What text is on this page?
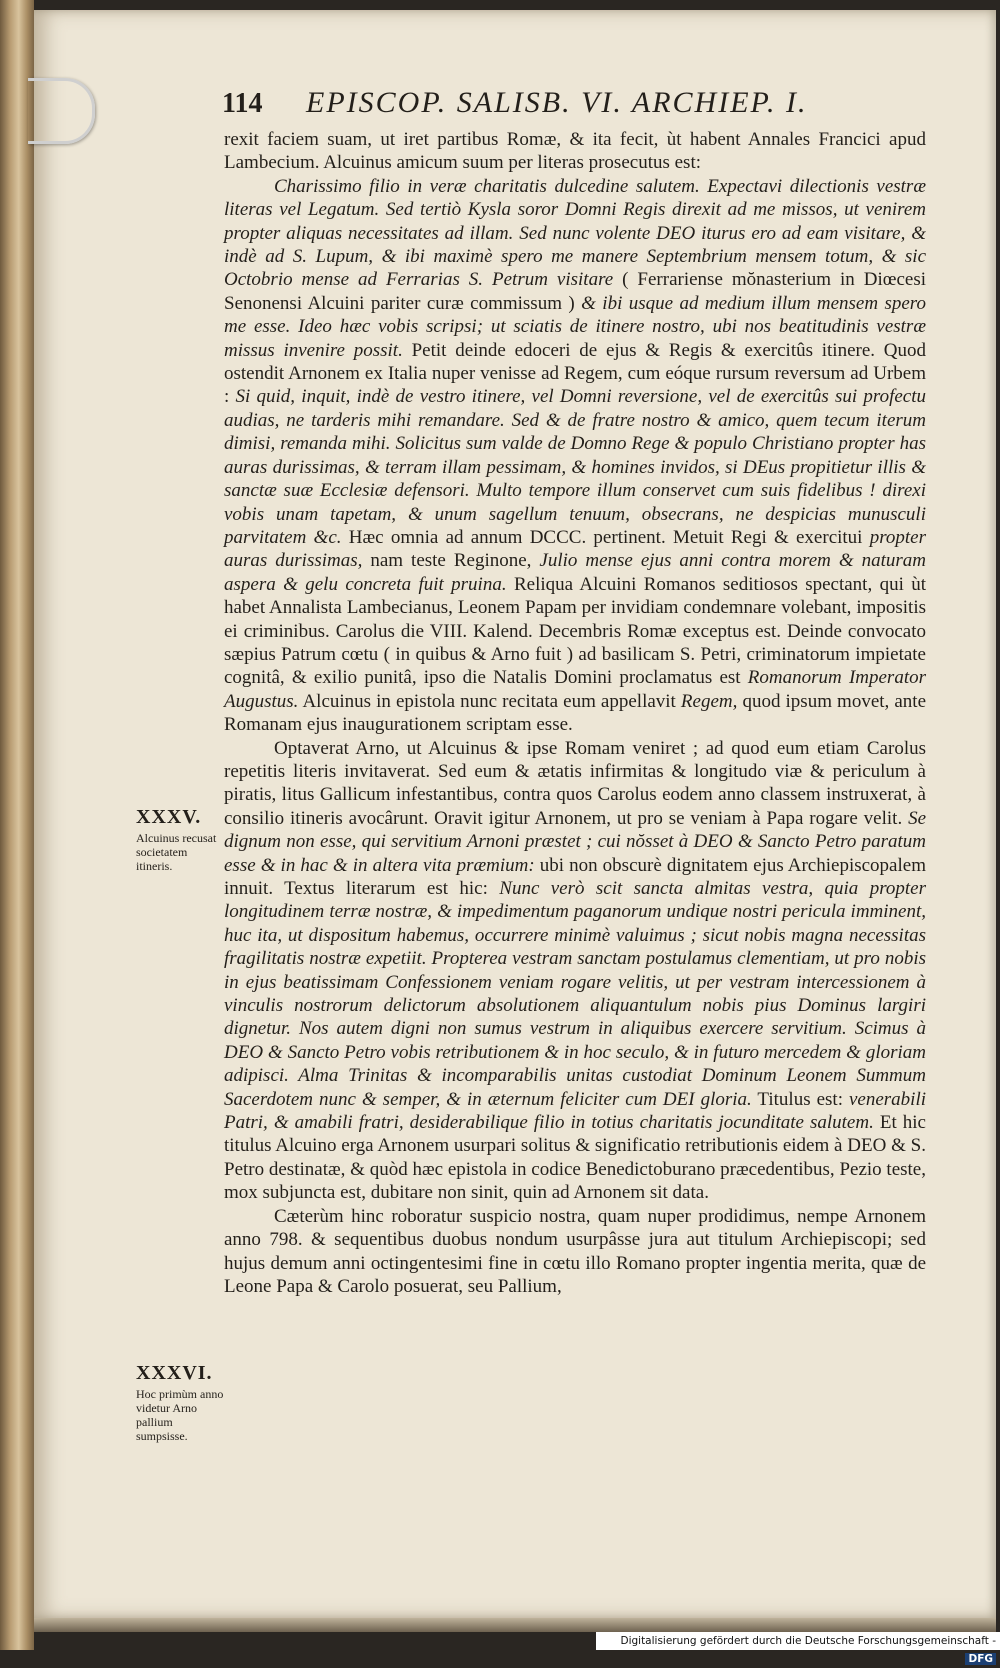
114 EPISCOP. SALISB. VI. ARCHIEP. I.
XXXV.
Alcuinus recusat societatem itineris.
XXXVI.
Hoc primùm anno videtur Arno pallium sumpsisse.

rexit faciem suam, ut iret partibus Romæ, & ita fecit, ùt habent Annales Francici apud Lambecium. Alcuinus amicum suum per literas prosecutus est:

Charissimo filio in veræ charitatis dulcedine salutem. Expectavi dilectionis vestræ literas vel Legatum. Sed tertiò Kysla soror Domni Regis direxit ad me missos, ut venirem propter aliquas necessitates ad illam. Sed nunc volente DEO iturus ero ad eam visitare, & indè ad S. Lupum, & ibi maximè spero me manere Septembrium mensem totum, & sic Octobrio mense ad Ferrarias S. Petrum visitare ( Ferrariense mŏnasterium in Diœcesi Senonensi Alcuini pariter curæ commissum ) & ibi usque ad medium illum mensem spero me esse. Ideo hæc vobis scripsi; ut sciatis de itinere nostro, ubi nos beatitudinis vestræ missus invenire possit. Petit deinde edoceri de ejus & Regis & exercitûs itinere. Quod ostendit Arnonem ex Italia nuper venisse ad Regem, cum eóque rursum reversum ad Urbem : Si quid, inquit, indè de vestro itinere, vel Domni reversione, vel de exercitûs sui profectu audias, ne tarderis mihi remandare. Sed & de fratre nostro & amico, quem tecum iterum dimisi, remanda mihi. Solicitus sum valde de Domno Rege & populo Christiano propter has auras durissimas, & terram illam pessimam, & homines invidos, si DEus propitietur illis & sanctæ suæ Ecclesiæ defensori. Multo tempore illum conservet cum suis fidelibus ! direxi vobis unam tapetam, & unum sagellum tenuum, obsecrans, ne despicias munusculi parvitatem &c. Hæc omnia ad annum DCCC. pertinent. Metuit Regi & exercitui propter auras durissimas, nam teste Reginone, Julio mense ejus anni contra morem & naturam aspera & gelu concreta fuit pruina. Reliqua Alcuini Romanos seditiosos spectant, qui ùt habet Annalista Lambecianus, Leonem Papam per invidiam condemnare volebant, impositis ei criminibus. Carolus die VIII. Kalend. Decembris Romæ exceptus est. Deinde convocato sæpius Patrum cœtu ( in quibus & Arno fuit ) ad basilicam S. Petri, criminatorum impietate cognitâ, & exilio punitâ, ipso die Natalis Domini proclamatus est Romanorum Imperator Augustus. Alcuinus in epistola nunc recitata eum appellavit Regem, quod ipsum movet, ante Romanam ejus inaugurationem scriptam esse.

Optaverat Arno, ut Alcuinus & ipse Romam veniret ; ad quod eum etiam Carolus repetitis literis invitaverat. Sed eum & ætatis infirmitas & longitudo viæ & periculum à piratis, litus Gallicum infestantibus, contra quos Carolus eodem anno classem instruxerat, à consilio itineris avocârunt. Oravit igitur Arnonem, ut pro se veniam à Papa rogare velit. Se dignum non esse, qui servitium Arnoni præstet ; cui nŏsset à DEO & Sancto Petro paratum esse & in hac & in altera vita præmium: ubi non obscurè dignitatem ejus Archiepiscopalem innuit. Textus literarum est hic: Nunc verò scit sancta almitas vestra, quia propter longitudinem terræ nostræ, & impedimentum paganorum undique nostri pericula imminent, huc ita, ut dispositum habemus, occurrere minimè valuimus ; sicut nobis magna necessitas fragilitatis nostræ expetiit. Propterea vestram sanctam postulamus clementiam, ut pro nobis in ejus beatissimam Confessionem veniam rogare velitis, ut per vestram intercessionem à vinculis nostrorum delictorum absolutionem aliquantulum nobis pius Dominus largiri dignetur. Nos autem digni non sumus vestrum in aliquibus exercere servitium. Scimus à DEO & Sancto Petro vobis retributionem & in hoc seculo, & in futuro mercedem & gloriam adipisci. Alma Trinitas & incomparabilis unitas custodiat Dominum Leonem Summum Sacerdotem nunc & semper, & in æternum feliciter cum DEI gloria. Titulus est: venerabili Patri, & amabili fratri, desiderabilique filio in totius charitatis jocunditate salutem. Et hic titulus Alcuino erga Arnonem usurpari solitus & significatio retributionis eidem à DEO & S. Petro destinatæ, & quòd hæc epistola in codice Benedictoburano præcedentibus, Pezio teste, mox subjuncta est, dubitare non sinit, quin ad Arnonem sit data.

Cæterùm hinc roboratur suspicio nostra, quam nuper prodidimus, nempe Arnonem anno 798. & sequentibus duobus nondum usurpâsse jura aut titulum Archiepiscopi; sed hujus demum anni octingentesimi fine in cœtu illo Romano propter ingentia merita, quæ de Leone Papa & Carolo posuerat, seu Pallium,

Digitalisierung gefördert durch die Deutsche Forschungsgemeinschaft -DFG
